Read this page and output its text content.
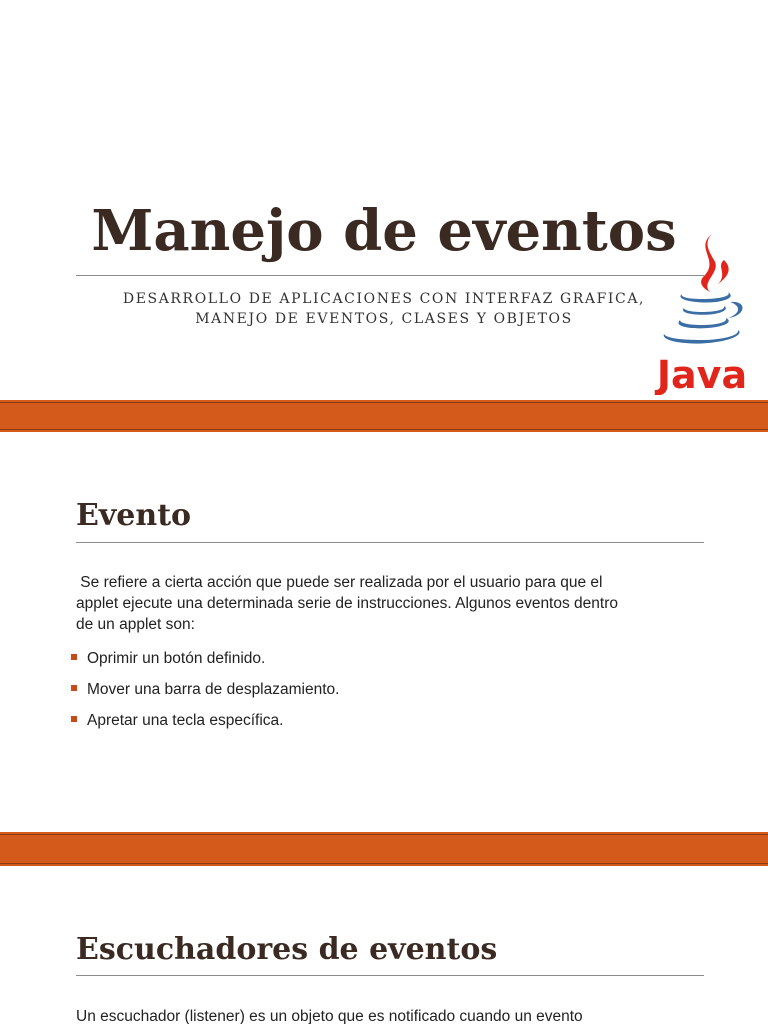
Manejo de eventos
DESARROLLO DE APLICACIONES CON INTERFAZ GRAFICA, MANEJO DE EVENTOS, CLASES Y OBJETOS
Java
Evento
Se refiere a cierta acción que puede ser realizada por el usuario para que el
applet ejecute una determinada serie de instrucciones. Algunos eventos dentro
de un applet son:
Oprimir un botón definido.
Mover una barra de desplazamiento.
Apretar una tecla específica.
Escuchadores de eventos
Un escuchador (listener) es un objeto que es notificado cuando un evento
